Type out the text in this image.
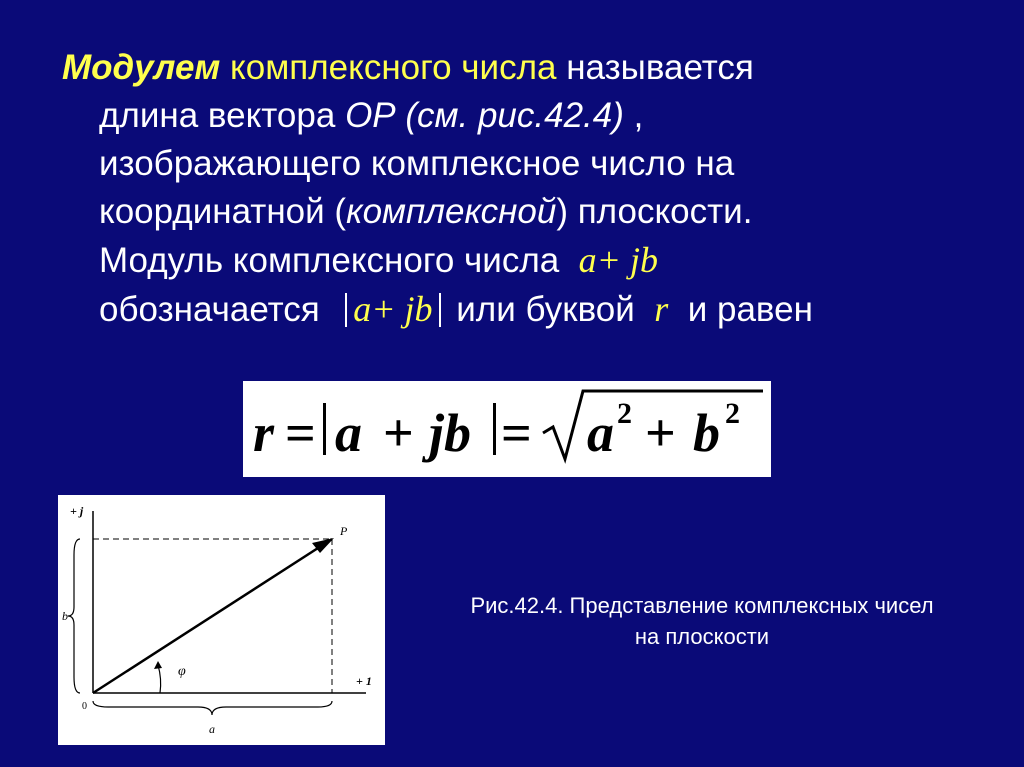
Модулем комплексного числа называется
длина вектора ОР (см. рис.42.4) ,
изображающего комплексное число на
координатной (комплексной) плоскости.
Модуль комплексного числа a+ jb
обозначается a+ jb или буквой r и равен
r = a + jb = a 2 + b 2
+ j
+ 1
P
0
b
a
φ
Рис.42.4. Представление комплексных чисел
на плоскости
